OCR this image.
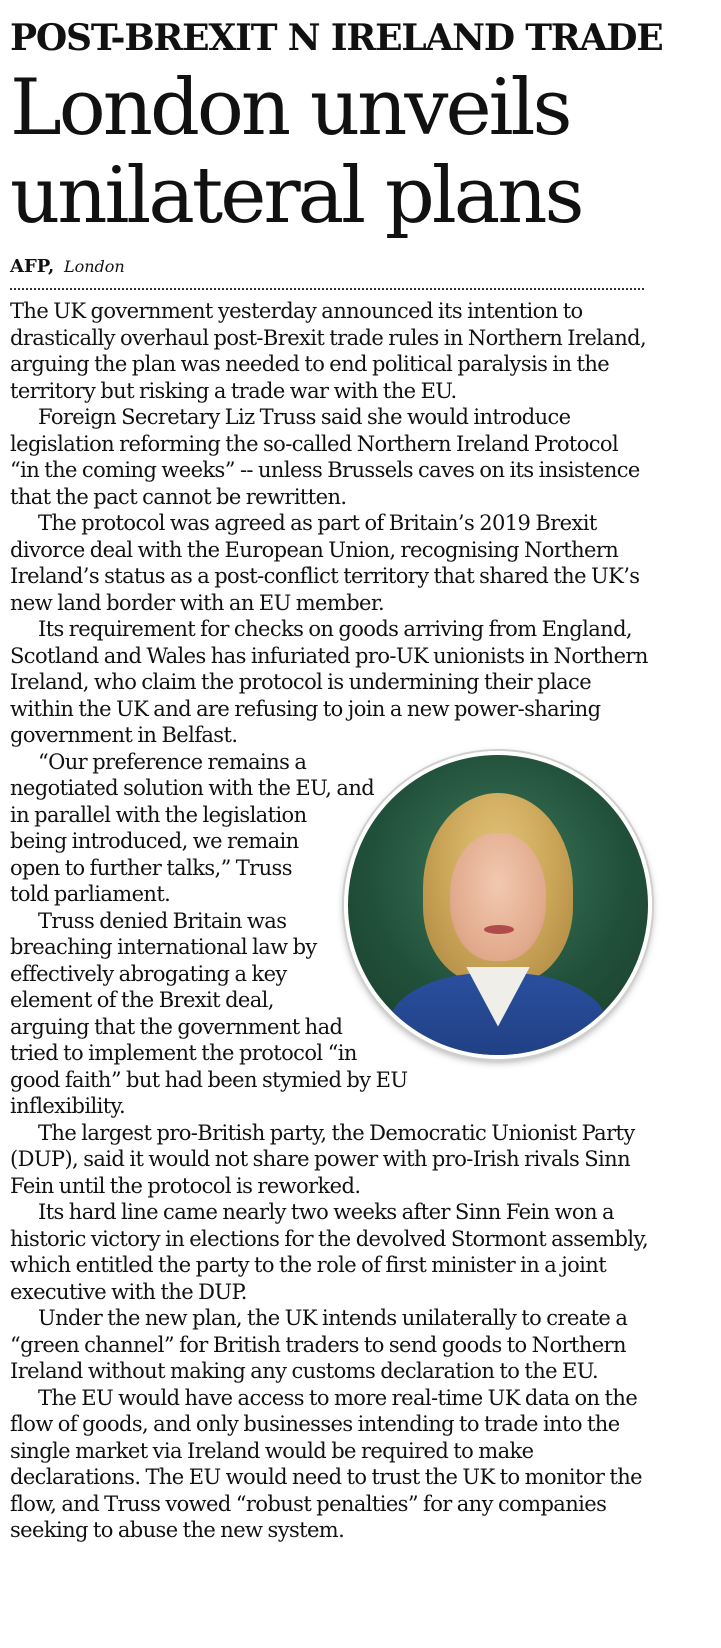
POST-BREXIT N IRELAND TRADE
London unveils
unilateral plans
AFP, London

The UK government yesterday announced its intention to drastically overhaul post-Brexit trade rules in Northern Ireland, arguing the plan was needed to end political paralysis in the territory but risking a trade war with the EU.

Foreign Secretary Liz Truss said she would introduce legislation reforming the so-called Northern Ireland Protocol “in the coming weeks” -- unless Brussels caves on its insistence that the pact cannot be rewritten.

The protocol was agreed as part of Britain’s 2019 Brexit divorce deal with the European Union, recognising Northern Ireland’s status as a post-conflict territory that shared the UK’s new land border with an EU member.

Its requirement for checks on goods arriving from England, Scotland and Wales has infuriated pro-UK unionists in Northern Ireland, who claim the protocol is undermining their place within the UK and are refusing to join a new power-sharing government in Belfast.

“Our preference remains a negotiated solution with the EU, and in parallel with the legislation being introduced, we remain open to further talks,” Truss told parliament.

Truss denied Britain was breaching international law by effectively abrogating a key element of the Brexit deal, arguing that the government had tried to implement the protocol “in good faith” but had been stymied by EU inflexibility.

The largest pro-British party, the Democratic Unionist Party (DUP), said it would not share power with pro-Irish rivals Sinn Fein until the protocol is reworked.

Its hard line came nearly two weeks after Sinn Fein won a historic victory in elections for the devolved Stormont assembly, which entitled the party to the role of first minister in a joint executive with the DUP.

Under the new plan, the UK intends unilaterally to create a “green channel” for British traders to send goods to Northern Ireland without making any customs declaration to the EU.

The EU would have access to more real-time UK data on the flow of goods, and only businesses intending to trade into the single market via Ireland would be required to make declarations. The EU would need to trust the UK to monitor the flow, and Truss vowed “robust penalties” for any companies seeking to abuse the new system.
